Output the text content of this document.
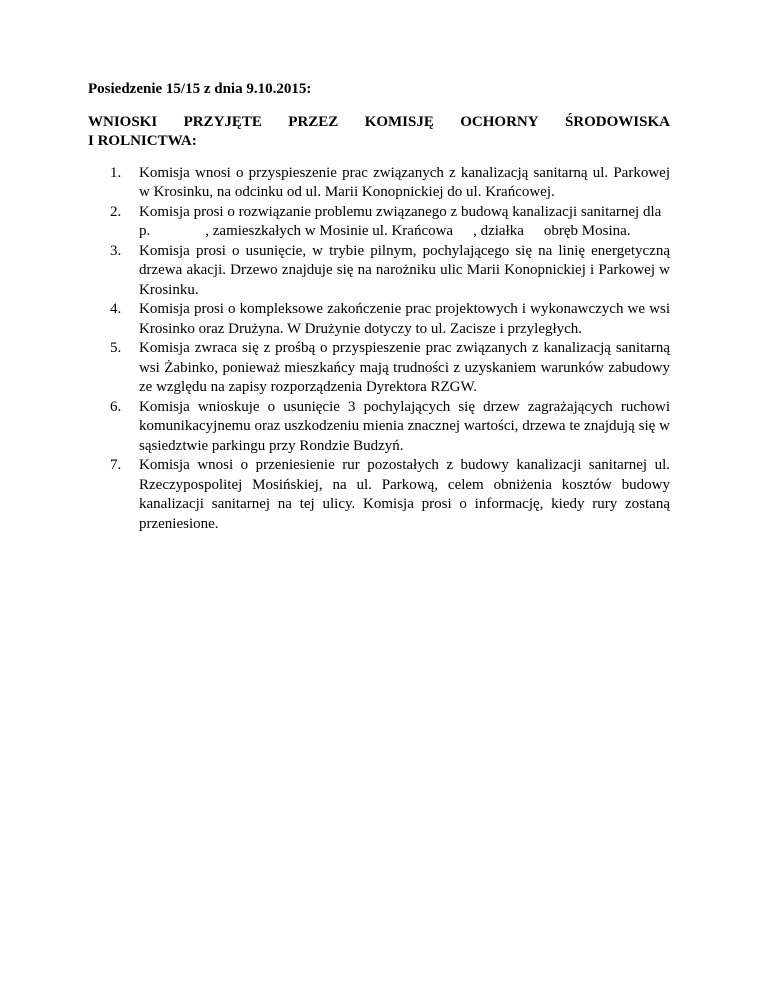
Posiedzenie 15/15 z dnia 9.10.2015:
WNIOSKI PRZYJĘTE PRZEZ KOMISJĘ OCHORNY ŚRODOWISKA
I ROLNICTWA:
1. Komisja wnosi o przyspieszenie prac związanych z kanalizacją sanitarną ul. Parkowej w Krosinku, na odcinku od ul. Marii Konopnickiej do ul. Krańcowej.
2. Komisja prosi o rozwiązanie problemu związanego z budową kanalizacji sanitarnej dla
p.	, zamieszkałych w Mosinie ul. Krańcowa , działka obręb Mosina.
3. Komisja prosi o usunięcie, w trybie pilnym, pochylającego się na linię energetyczną drzewa akacji. Drzewo znajduje się na narożniku ulic Marii Konopnickiej i Parkowej w Krosinku.
4. Komisja prosi o kompleksowe zakończenie prac projektowych i wykonawczych we wsi Krosinko oraz Drużyna. W Drużynie dotyczy to ul. Zacisze i przyległych.
5. Komisja zwraca się z prośbą o przyspieszenie prac związanych z kanalizacją sanitarną wsi Żabinko, ponieważ mieszkańcy mają trudności z uzyskaniem warunków zabudowy ze względu na zapisy rozporządzenia Dyrektora RZGW.
6. Komisja wnioskuje o usunięcie 3 pochylających się drzew zagrażających ruchowi komunikacyjnemu oraz uszkodzeniu mienia znacznej wartości, drzewa te znajdują się w sąsiedztwie parkingu przy Rondzie Budzyń.
7. Komisja wnosi o przeniesienie rur pozostałych z budowy kanalizacji sanitarnej ul. Rzeczypospolitej Mosińskiej, na ul. Parkową, celem obniżenia kosztów budowy kanalizacji sanitarnej na tej ulicy. Komisja prosi o informację, kiedy rury zostaną przeniesione.
